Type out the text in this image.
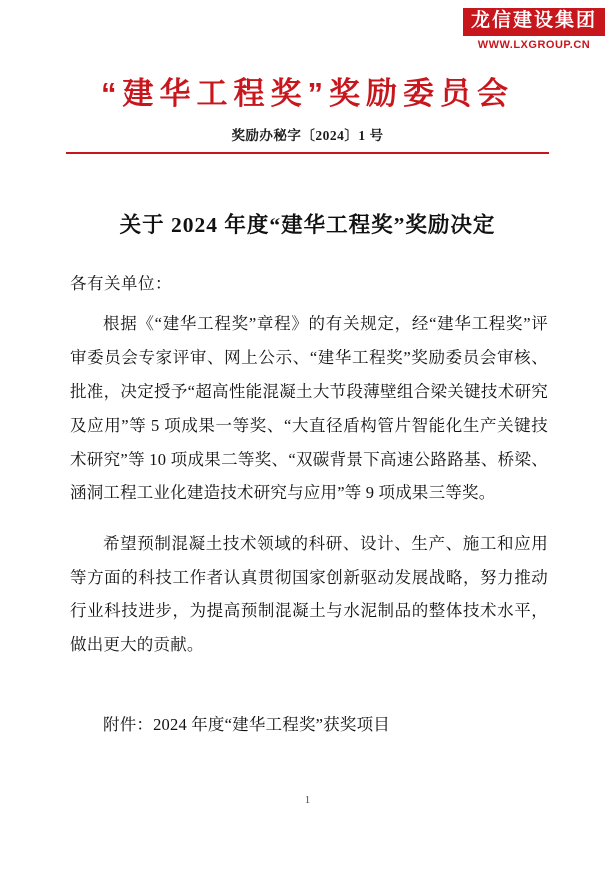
龙信建设集团
WWW.LXGROUP.CN
“建华工程奖”奖励委员会
奖励办秘字〔2024〕1 号
关于 2024 年度“建华工程奖”奖励决定
各有关单位：

根据《“建华工程奖”章程》的有关规定，经“建华工程奖”评审委员会专家评审、网上公示、“建华工程奖”奖励委员会审核、批准，决定授予“超高性能混凝土大节段薄壁组合梁关键技术研究及应用”等 5 项成果一等奖、“大直径盾构管片智能化生产关键技术研究”等 10 项成果二等奖、“双碳背景下高速公路路基、桥梁、涵洞工程工业化建造技术研究与应用”等 9 项成果三等奖。

希望预制混凝土技术领域的科研、设计、生产、施工和应用等方面的科技工作者认真贯彻国家创新驱动发展战略，努力推动行业科技进步，为提高预制混凝土与水泥制品的整体技术水平，做出更大的贡献。

附件：2024 年度“建华工程奖”获奖项目
1
